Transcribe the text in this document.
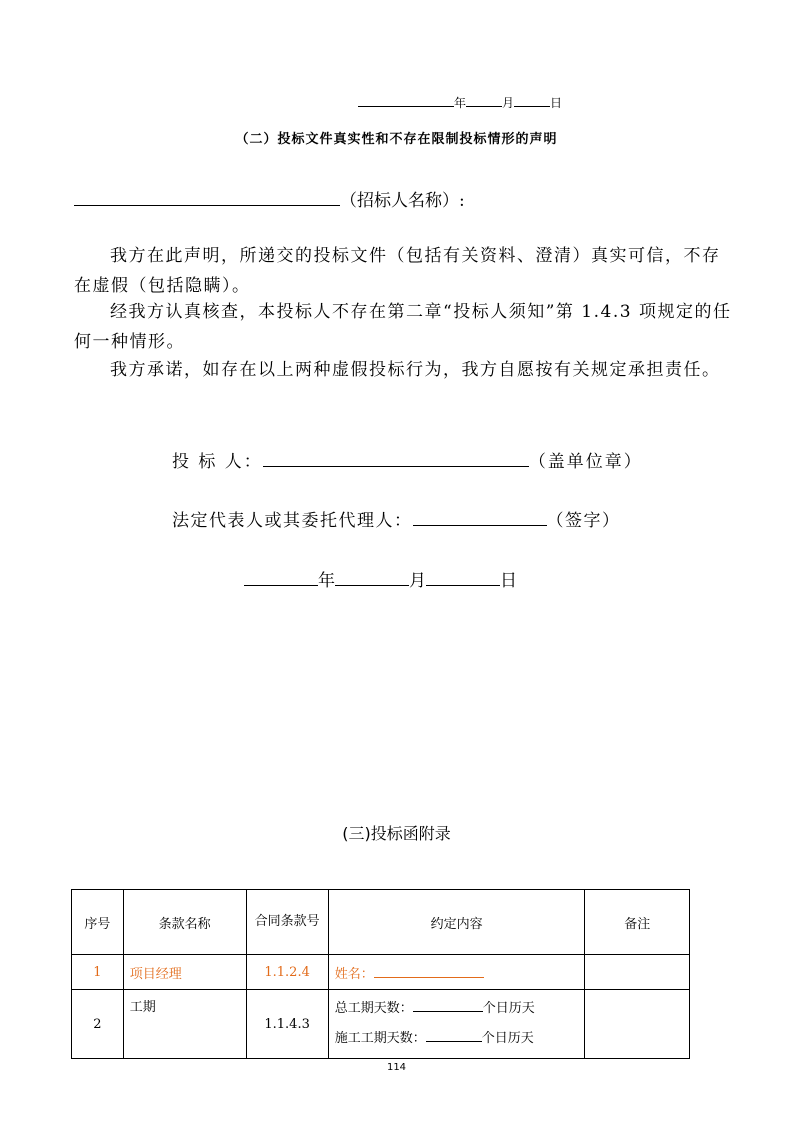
年	月	日
（二）投标文件真实性和不存在限制投标情形的声明
（招标人名称）:
我方在此声明，所递交的投标文件（包括有关资料、澄清）真实可信，不存在虚假（包括隐瞒）。
经我方认真核查，本投标人不存在第二章“投标人须知”第 1.4.3 项规定的任何一种情形。
我方承诺，如存在以上两种虚假投标行为，我方自愿按有关规定承担责任。
投 标 人：	（盖单位章）
法定代表人或其委托代理人：	（签字）
年	月	日
(三)投标函附录
序号	条款名称	合同条款号	约定内容	备注
1	项目经理	1.1.2.4	姓名：	
2	工期	1.1.4.3	总工期天数： 个日历天
施工工期天数： 个日历天	

114
